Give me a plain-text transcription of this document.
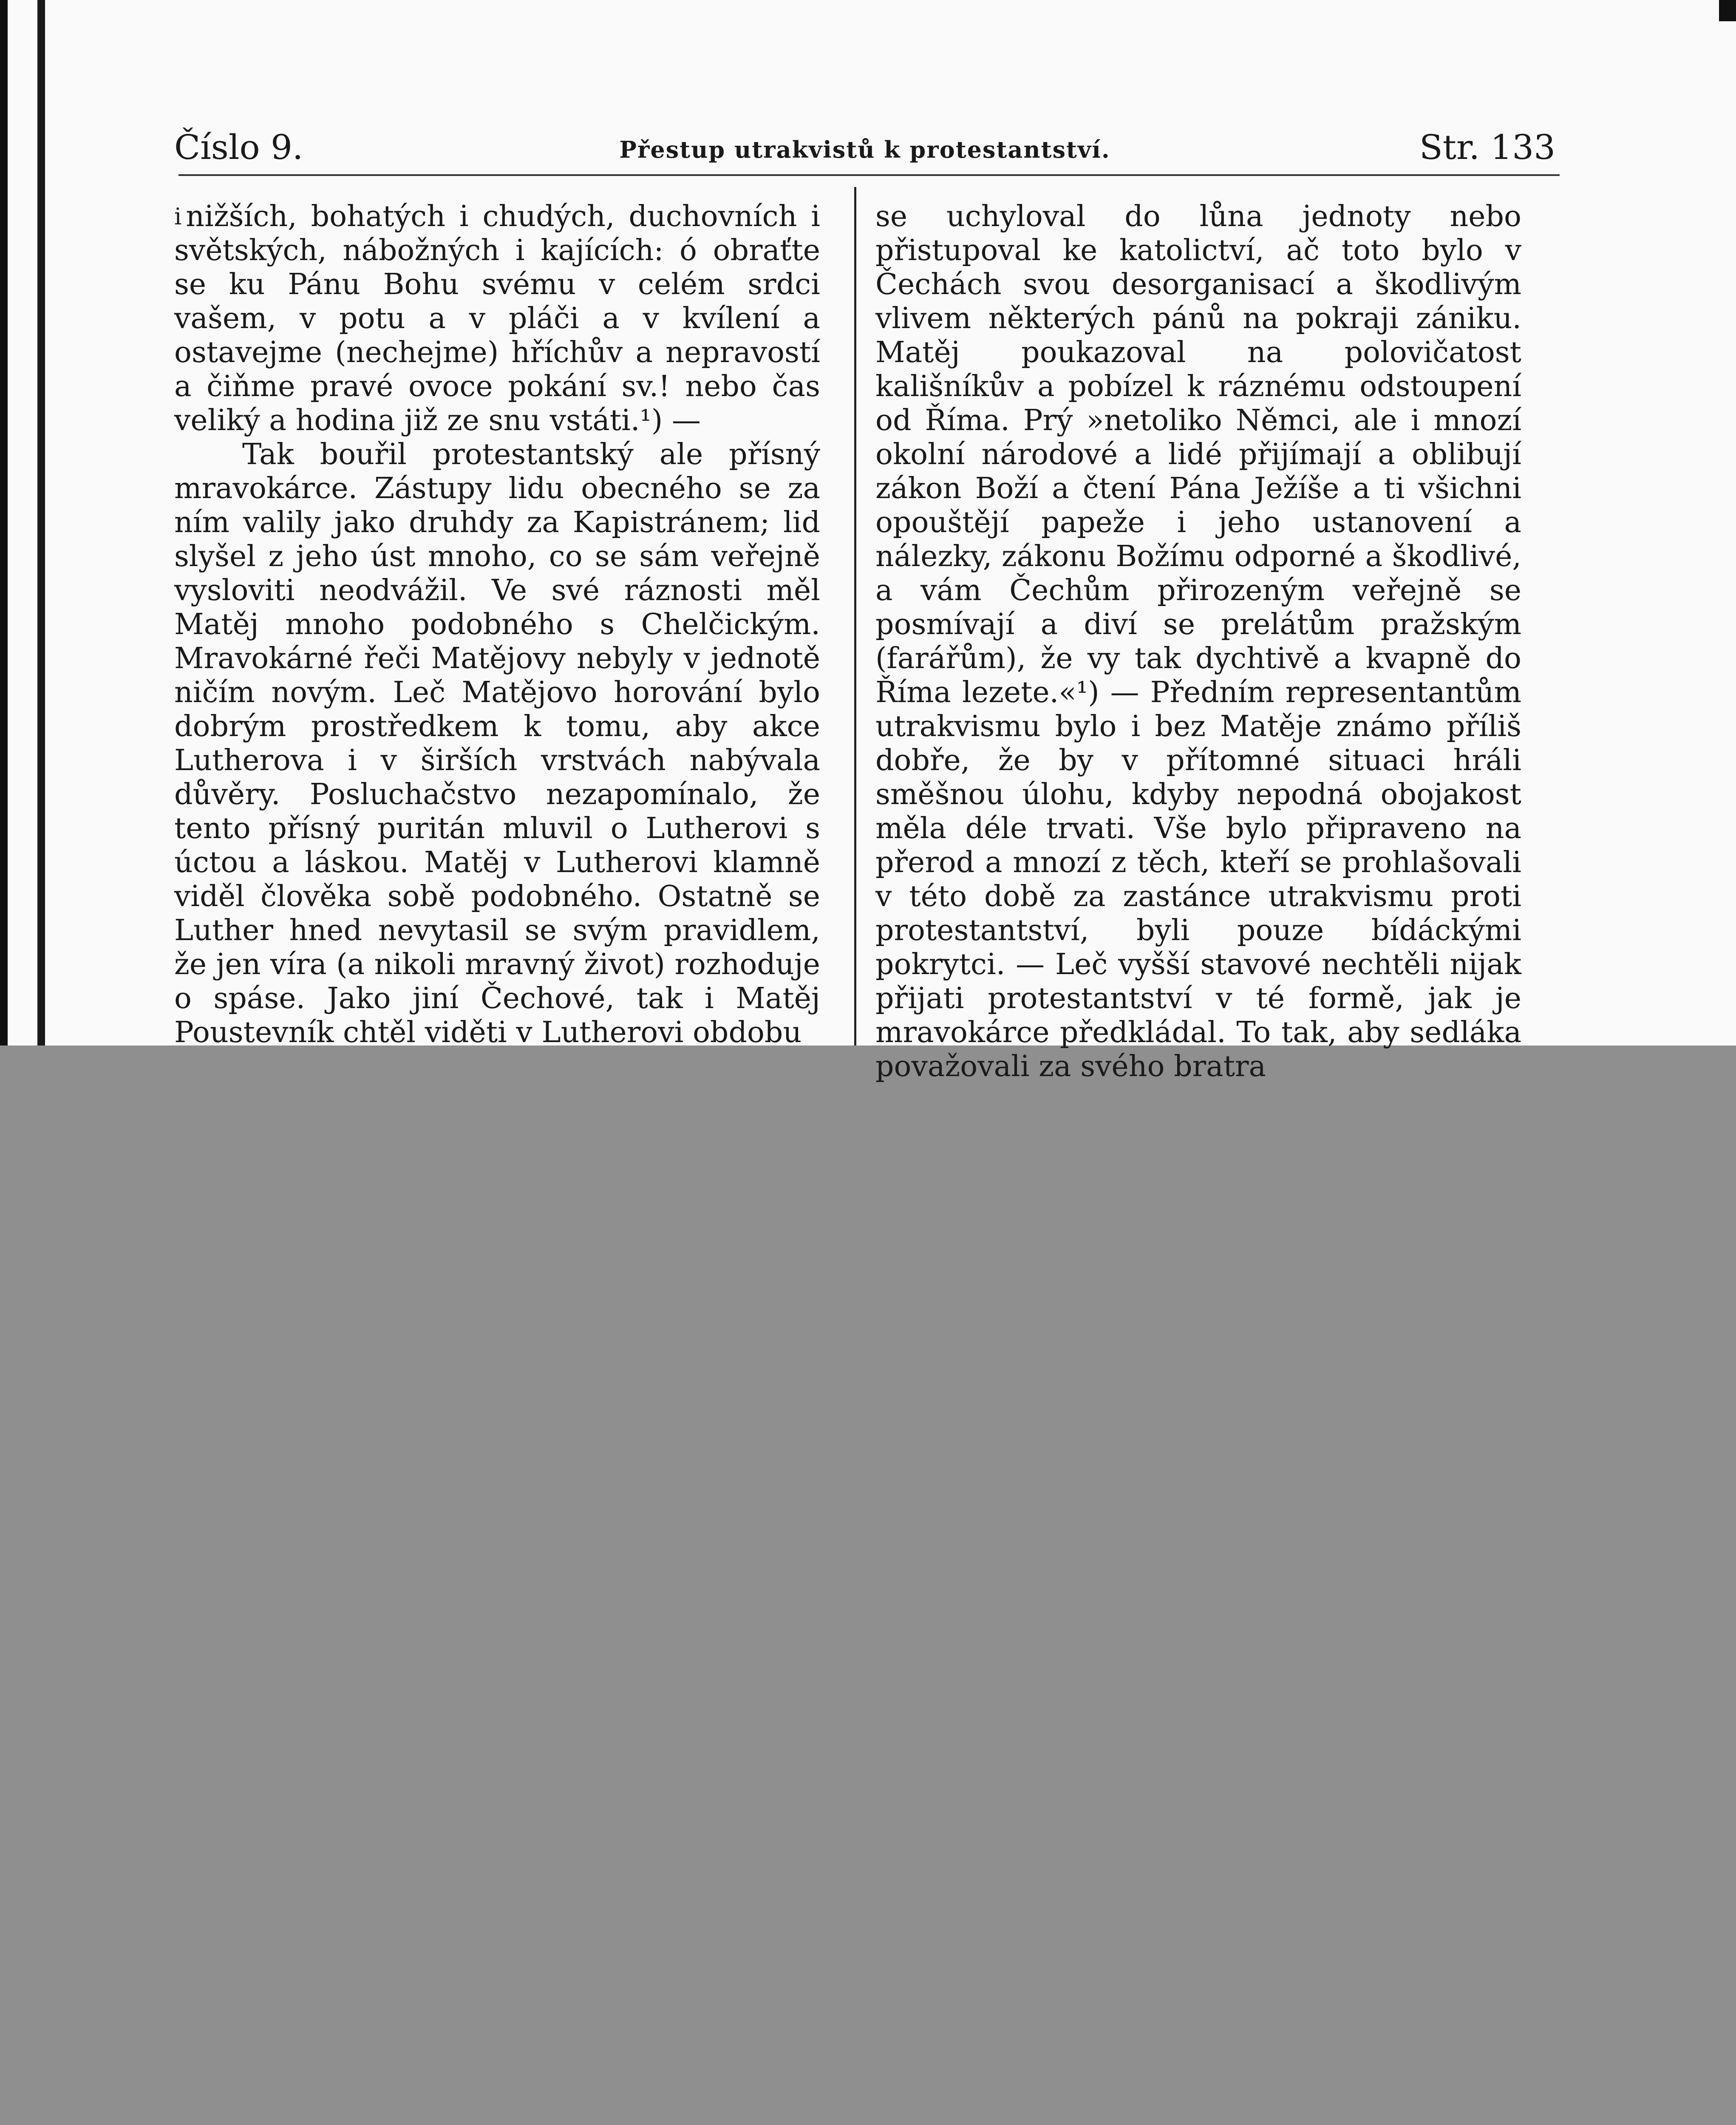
Číslo 9.	Přestup utrakvistů k protestantství.	Str. 133

$^i$ nižších, bohatých i chudých, duchovních i světských, nábožných i kajících: ó obraťte se ku Pánu Bohu svému v celém srdci vašem, v potu a v pláči a v kvílení a ostavejme (nechejme) hříchův a nepravostí a čiňme pravé ovoce pokání sv.! nebo čas veliký a hodina již ze snu vstáti.¹) —

Tak bouřil protestantský ale přísný mravokárce. Zástupy lidu obecného se za ním valily jako druhdy za Kapistránem; lid slyšel z jeho úst mnoho, co se sám veřejně vysloviti neodvážil. Ve své ráznosti měl Matěj mnoho podobného s Chelčickým. Mravokárné řeči Matějovy nebyly v jednotě ničím novým. Leč Matějovo horování bylo dobrým prostředkem k tomu, aby akce Lutherova i v širších vrstvách nabývala důvěry. Posluchačstvo nezapomínalo, že tento přísný puritán mluvil o Lutherovi s úctou a láskou. Matěj v Lutherovi klamně viděl člověka sobě podobného. Ostatně se Luther hned nevytasil se svým pravidlem, že jen víra (a nikoli mravný život) rozhoduje o spáse. Jako jiní Čechové, tak i Matěj Poustevník chtěl viděti v Lutherovi obdobu

se uchyloval do lůna jednoty nebo přistupoval ke katolictví, ač toto bylo v Čechách svou desorganisací a škodlivým vlivem některých pánů na pokraji zániku. Matěj poukazoval na polovičatost kališníkův a pobízel k ráznému odstoupení od Říma. Prý »netoliko Němci, ale i mnozí okolní národové a lidé přijímají a oblibují zákon Boží a čtení Pána Ježíše a ti všichni opouštějí papeže i jeho ustanovení a nálezky, zákonu Božímu odporné a škodlivé, a vám Čechům přirozeným veřejně se posmívají a diví se prelátům pražským (farářům), že vy tak dychtivě a kvapně do Říma lezete.«¹) — Předním representantům utrakvismu bylo i bez Matěje známo příliš dobře, že by v přítomné situaci hráli směšnou úlohu, kdyby nepodná obojakost měla déle trvati. Vše bylo připraveno na přerod a mnozí z těch, kteří se prohlašovali v této době za zastánce utrakvismu proti protestantství, byli pouze bídáckými pokrytci. — Leč vyšší stavové nechtěli nijak přijati protestantství v té formě, jak je mravokárce předkládal. To tak, aby sedláka považovali za svého bratra
